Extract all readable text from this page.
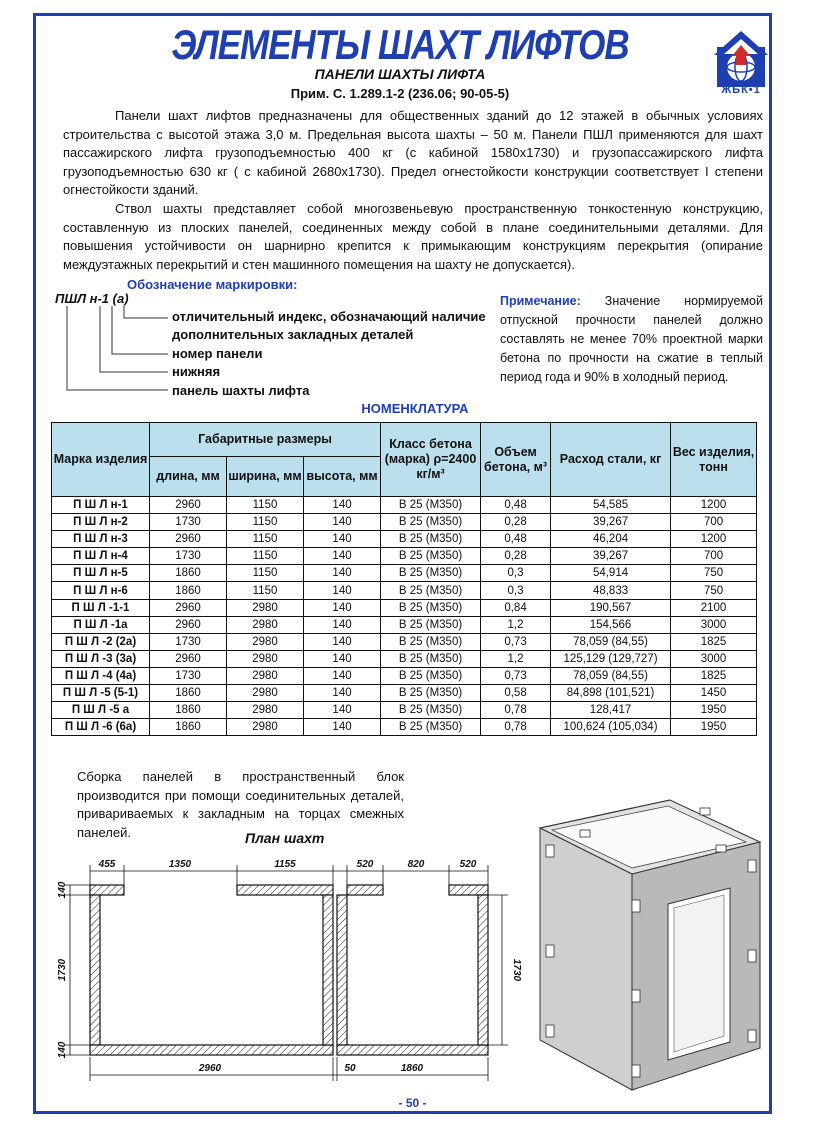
ЭЛЕМЕНТЫ ШАХТ ЛИФТОВ
ЖБК•1
ПАНЕЛИ ШАХТЫ ЛИФТА
Прим. С. 1.289.1-2 (236.06; 90-05-5)
Панели шахт лифтов предназначены для общественных зданий до 12 этажей в обычных условиях строительства с высотой этажа 3,0 м. Предельная высота шахты – 50 м. Панели ПШЛ применяются для шахт пассажирского лифта грузоподъемностью 400 кг (с кабиной 1580х1730) и грузопассажирского лифта грузоподъемностью 630 кг ( с кабиной 2680х1730). Предел огнестойкости конструкции соответствует I степени огнестойкости зданий.
Ствол шахты представляет собой многозвеньевую пространственную тонкостенную конструкцию, составленную из плоских панелей, соединенных между собой в плане соединительными деталями. Для повышения устойчивости он шарнирно крепится к примыкающим конструкциям перекрытия (опирание междуэтажных перекрытий и стен машинного помещения на шахту не допускается).
Обозначение маркировки:
ПШЛ н-1 (а)
отличительный индекс, обозначающий наличие
дополнительных закладных деталей
номер панели
нижняя
панель шахты лифта
Примечание: Значение нормируемой отпускной прочности панелей должно составлять не менее 70% проектной марки бетона по прочности на сжатие в теплый период года и 90% в холодный период.
НОМЕНКЛАТУРА
Марка изделия	Габаритные размеры			Класс бетона (марка) ρ=2400 кг/м³	Объем бетона, м³	Расход стали, кг	Вес изделия, тонн
	длина, мм	ширина, мм	высота, мм				
П Ш Л н-1	2960	1150	140	В 25 (М350)	0,48	54,585	1200
П Ш Л н-2	1730	1150	140	В 25 (М350)	0,28	39,267	700
П Ш Л н-3	2960	1150	140	В 25 (М350)	0,48	46,204	1200
П Ш Л н-4	1730	1150	140	В 25 (М350)	0,28	39,267	700
П Ш Л н-5	1860	1150	140	В 25 (М350)	0,3	54,914	750
П Ш Л н-6	1860	1150	140	В 25 (М350)	0,3	48,833	750
П Ш Л -1-1	2960	2980	140	В 25 (М350)	0,84	190,567	2100
П Ш Л -1а	2960	2980	140	В 25 (М350)	1,2	154,566	3000
П Ш Л -2 (2а)	1730	2980	140	В 25 (М350)	0,73	78,059 (84,55)	1825
П Ш Л -3 (3а)	2960	2980	140	В 25 (М350)	1,2	125,129 (129,727)	3000
П Ш Л -4 (4а)	1730	2980	140	В 25 (М350)	0,73	78,059 (84,55)	1825
П Ш Л -5 (5-1)	1860	2980	140	В 25 (М350)	0,58	84,898 (101,521)	1450
П Ш Л -5 а	1860	2980	140	В 25 (М350)	0,78	128,417	1950
П Ш Л -6 (6а)	1860	2980	140	В 25 (М350)	0,78	100,624 (105,034)	1950
Сборка панелей в пространственный блок производится при помощи соединительных деталей, привариваемых к закладным на торцах смежных панелей.	План шахт
455	1350	1155	520	820	520
2960	50	1860
140
1730
140
1730
- 50 -
